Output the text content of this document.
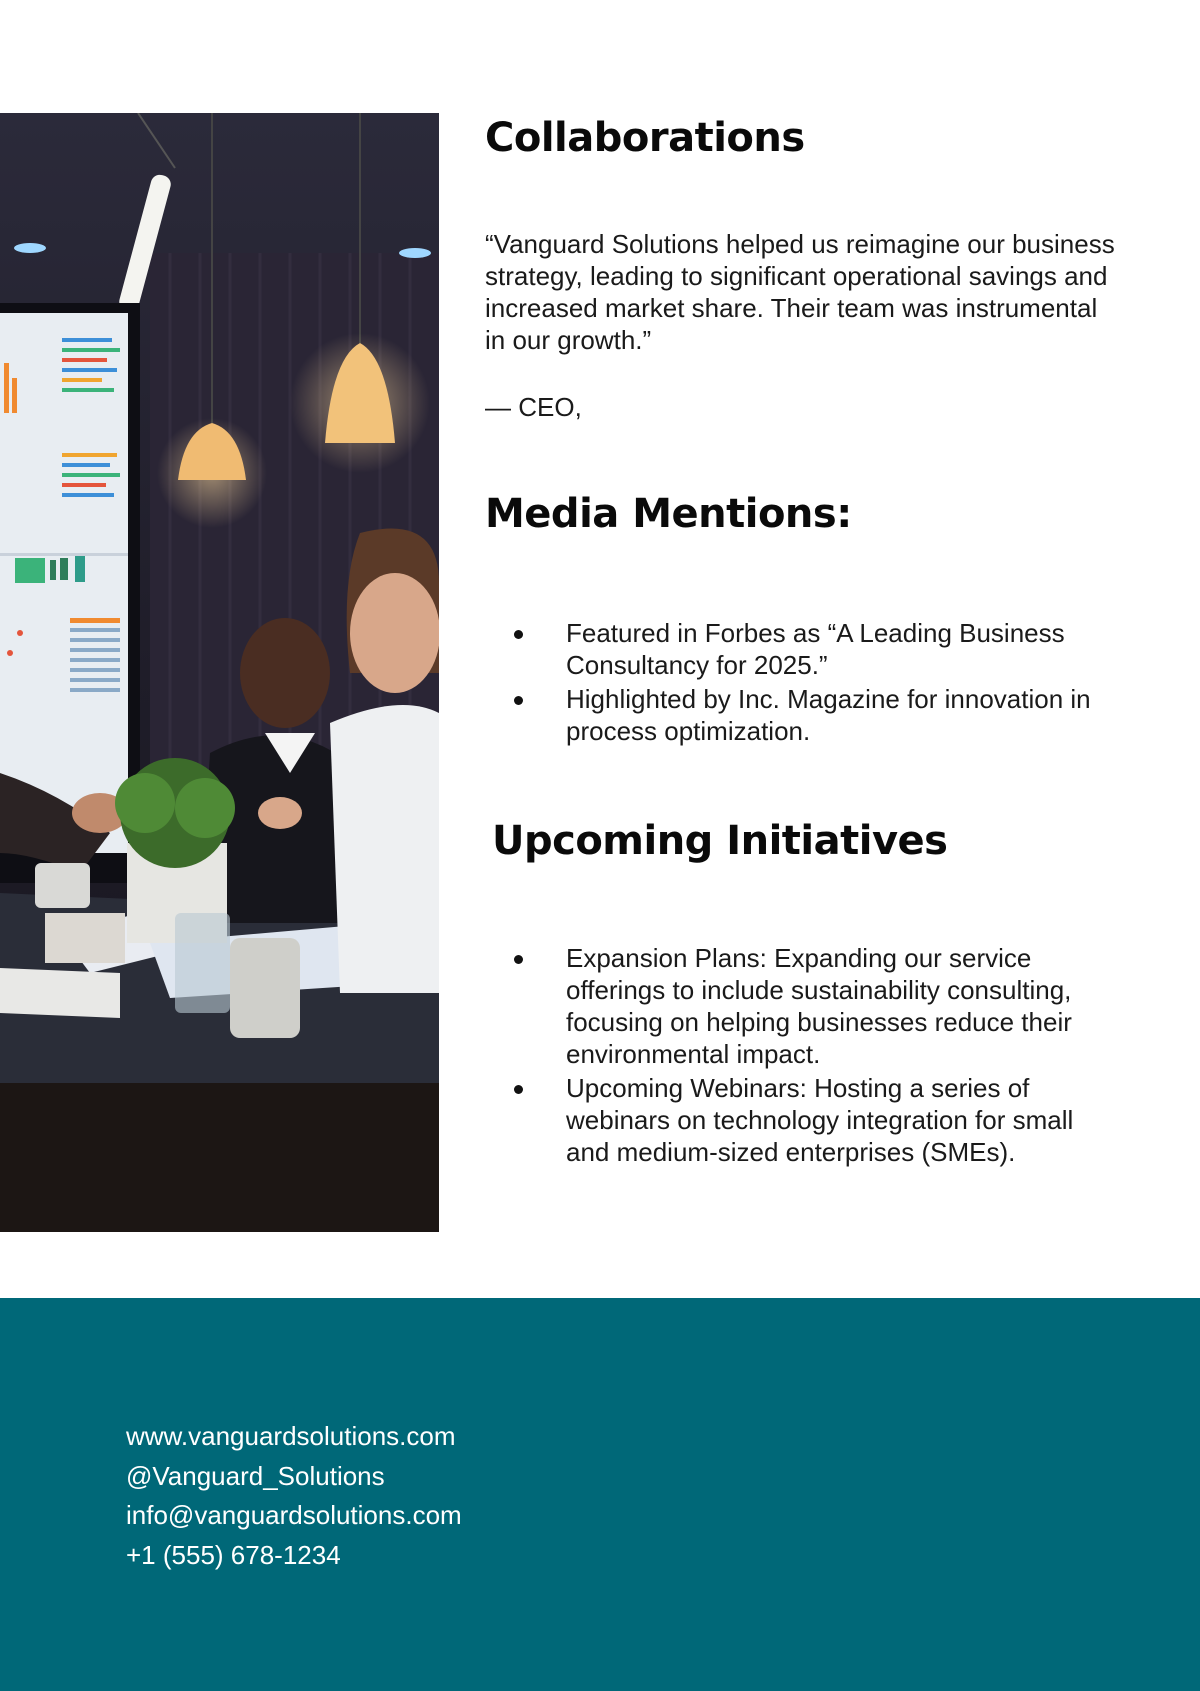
Collaborations

“Vanguard Solutions helped us reimagine our business strategy, leading to significant operational savings and increased market share. Their team was instrumental in our growth.”

— CEO,
Media Mentions:
Featured in Forbes as “A Leading Business Consultancy for 2025.”
Highlighted by Inc. Magazine for innovation in process optimization.
Upcoming Initiatives
Expansion Plans: Expanding our service offerings to include sustainability consulting, focusing on helping businesses reduce their environmental impact.
Upcoming Webinars: Hosting a series of webinars on technology integration for small and medium-sized enterprises (SMEs).
www.vanguardsolutions.com
@Vanguard_Solutions
info@vanguardsolutions.com
+1 (555) 678-1234
